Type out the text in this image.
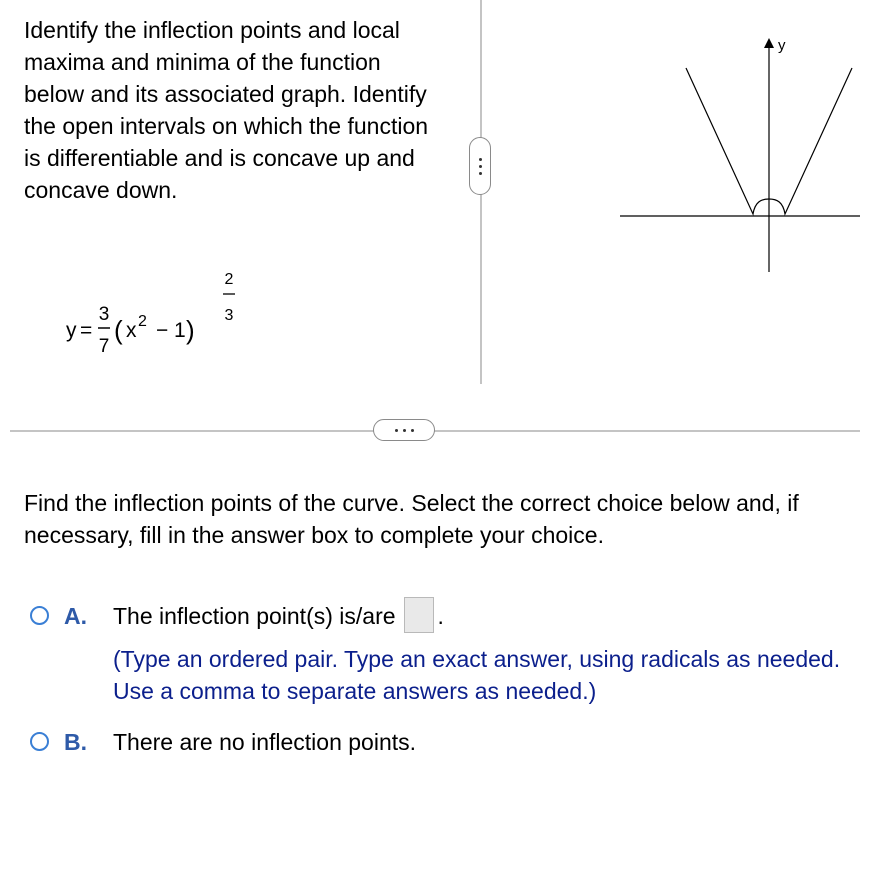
Identify the inflection points and local maxima and minima of the function below and its associated graph. Identify the open intervals on which the function is differentiable and is concave up and concave down.

y =
3
7
( x 2 − 1 )
2
3
y

Find the inflection points of the curve. Select the correct choice below and, if necessary, fill in the answer box to complete your choice.

A. The inflection point(s) is/are .

(Type an ordered pair. Type an exact answer, using radicals as needed. Use a comma to separate answers as needed.)

B. There are no inflection points.
